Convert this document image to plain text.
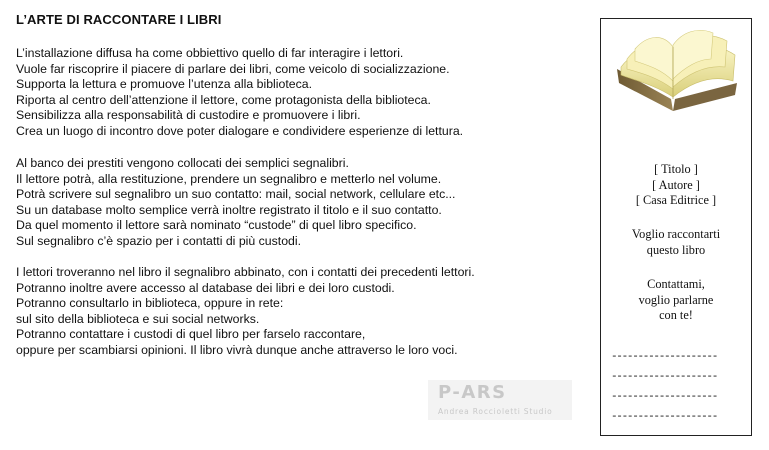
L’ARTE DI RACCONTARE I LIBRI
L’installazione diffusa ha come obbiettivo quello di far interagire i lettori.
Vuole far riscoprire il piacere di parlare dei libri, come veicolo di socializzazione.
Supporta la lettura e promuove l’utenza alla biblioteca.
Riporta al centro dell’attenzione il lettore, come protagonista della biblioteca.
Sensibilizza alla responsabilità di custodire e promuovere i libri.
Crea un luogo di incontro dove poter dialogare e condividere esperienze di lettura.
Al banco dei prestiti vengono collocati dei semplici segnalibri.
Il lettore potrà, alla restituzione, prendere un segnalibro e metterlo nel volume.
Potrà scrivere sul segnalibro un suo contatto: mail, social network, cellulare etc...
Su un database molto semplice verrà inoltre registrato il titolo e il suo contatto.
Da quel momento il lettore sarà nominato “custode” di quel libro specifico.
Sul segnalibro c’è spazio per i contatti di più custodi.
I lettori troveranno nel libro il segnalibro abbinato, con i contatti dei precedenti lettori.
Potranno inoltre avere accesso al database dei libri e dei loro custodi.
Potranno consultarlo in biblioteca, oppure in rete:
sul sito della biblioteca e sui social networks.
Potranno contattare i custodi di quel libro per farselo raccontare,
oppure per scambiarsi opinioni. Il libro vivrà dunque anche attraverso le loro voci.
P-ARS
Andrea Roccioletti Studio
[ Titolo ]
[ Autore ]
[ Casa Editrice ]
Voglio raccontarti
questo libro
Contattami,
voglio parlarne
con te!
--------------------
--------------------
--------------------
--------------------
